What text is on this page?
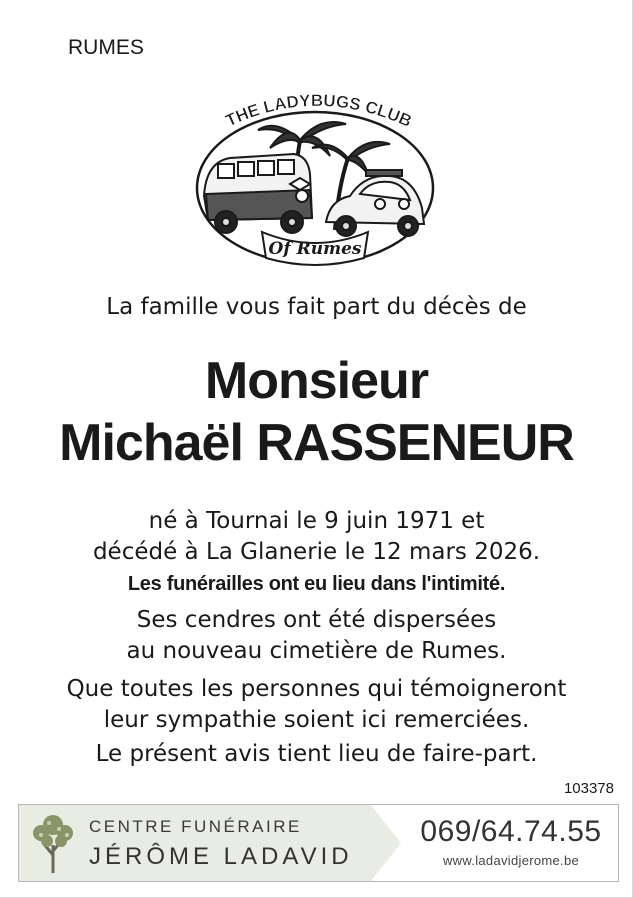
RUMES
THE LADYBUGS CLUB
Of Rumes
La famille vous fait part du décès de
Monsieur
Michaël RASSENEUR
né à Tournai le 9 juin 1971 et
décédé à La Glanerie le 12 mars 2026.
Les funérailles ont eu lieu dans l'intimité.
Ses cendres ont été dispersées
au nouveau cimetière de Rumes.
Que toutes les personnes qui témoigneront
leur sympathie soient ici remerciées.
Le présent avis tient lieu de faire-part.
103378
CENTRE FUNÉRAIRE
JÉRÔME LADAVID
069/64.74.55
www.ladavidjerome.be
